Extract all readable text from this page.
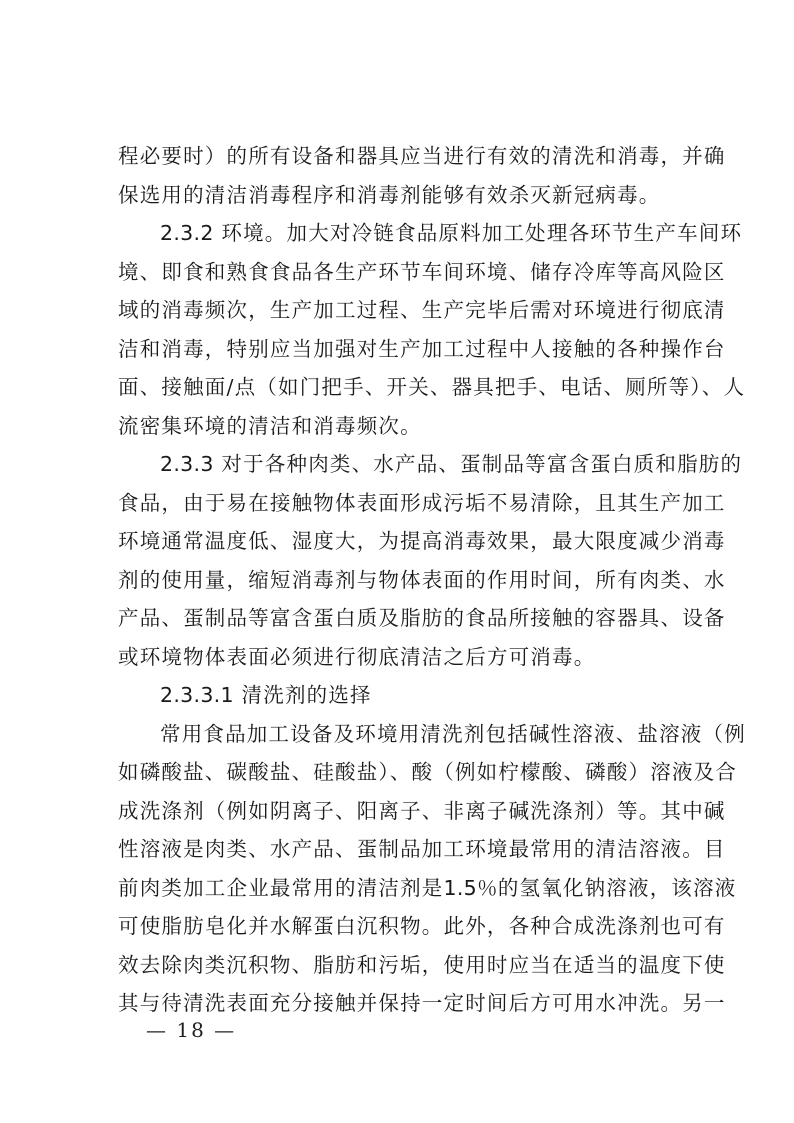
程必要时）的所有设备和器具应当进行有效的清洗和消毒，并确
保选用的清洁消毒程序和消毒剂能够有效杀灭新冠病毒。

2.3.2 环境。加大对冷链食品原料加工处理各环节生产车间环
境、即食和熟食食品各生产环节车间环境、储存冷库等高风险区
域的消毒频次，生产加工过程、生产完毕后需对环境进行彻底清
洁和消毒，特别应当加强对生产加工过程中人接触的各种操作台
面、接触面/点（如门把手、开关、器具把手、电话、厕所等）、人
流密集环境的清洁和消毒频次。

2.3.3 对于各种肉类、水产品、蛋制品等富含蛋白质和脂肪的
食品，由于易在接触物体表面形成污垢不易清除，且其生产加工
环境通常温度低、湿度大，为提高消毒效果，最大限度减少消毒
剂的使用量，缩短消毒剂与物体表面的作用时间，所有肉类、水
产品、蛋制品等富含蛋白质及脂肪的食品所接触的容器具、设备
或环境物体表面必须进行彻底清洁之后方可消毒。

2.3.3.1 清洗剂的选择

常用食品加工设备及环境用清洗剂包括碱性溶液、盐溶液（例
如磷酸盐、碳酸盐、硅酸盐）、酸（例如柠檬酸、磷酸）溶液及合
成洗涤剂（例如阴离子、阳离子、非离子碱洗涤剂）等。其中碱
性溶液是肉类、水产品、蛋制品加工环境最常用的清洁溶液。目
前肉类加工企业最常用的清洁剂是1.5％的氢氧化钠溶液，该溶液
可使脂肪皂化并水解蛋白沉积物。此外，各种合成洗涤剂也可有
效去除肉类沉积物、脂肪和污垢，使用时应当在适当的温度下使
其与待清洗表面充分接触并保持一定时间后方可用水冲洗。另一

— 18 —
